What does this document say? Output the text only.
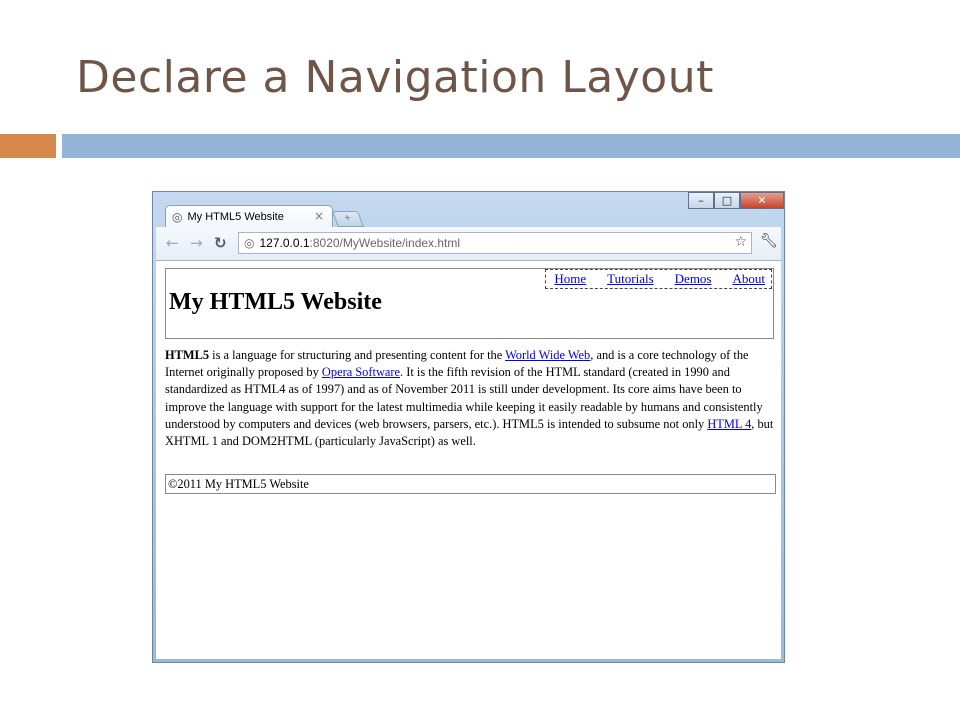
Declare a Navigation Layout
–	□	✕
◎ My HTML5 Website	×	+
← → ↻ ◎ 127.0.0.1 :8020/MyWebsite/index.html	☆ 🔧︎
Home Tutorials Demos About
My HTML5 Website
HTML5 is a language for structuring and presenting content for the World Wide Web, and is a core technology of the Internet originally proposed by Opera Software. It is the fifth revision of the HTML standard (created in 1990 and standardized as HTML4 as of 1997) and as of November 2011 is still under development. Its core aims have been to improve the language with support for the latest multimedia while keeping it easily readable by humans and consistently understood by computers and devices (web browsers, parsers, etc.). HTML5 is intended to subsume not only HTML 4, but XHTML 1 and DOM2HTML (particularly JavaScript) as well.
©2011 My HTML5 Website
